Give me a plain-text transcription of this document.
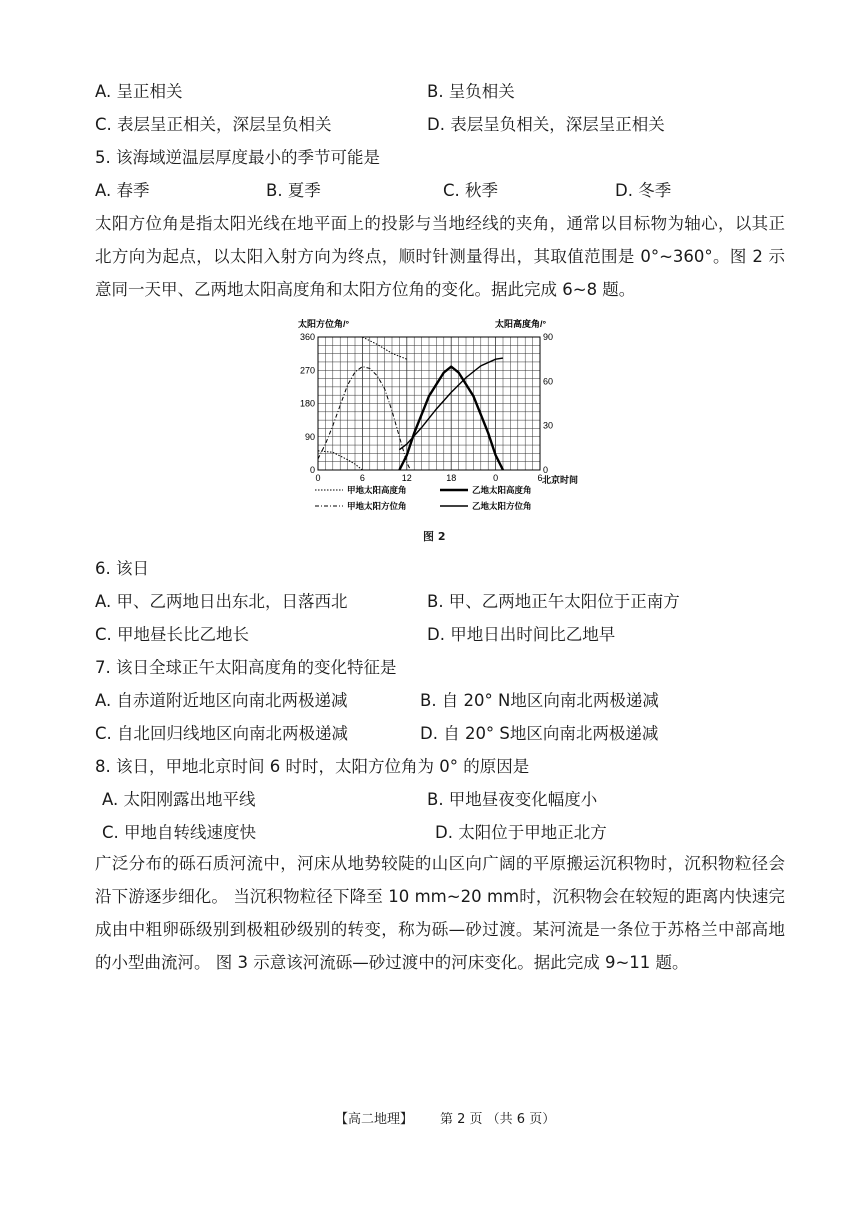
A. 呈正相关	B. 呈负相关
C. 表层呈正相关，深层呈负相关	D. 表层呈负相关，深层呈正相关
5. 该海域逆温层厚度最小的季节可能是
A. 春季	B. 夏季	C. 秋季	D. 冬季
太阳方位角是指太阳光线在地平面上的投影与当地经线的夹角，通常以目标物为轴心，以其正北方向为起点，以太阳入射方向为终点，顺时针测量得出，其取值范围是 0°~360°。图 2 示意同一天甲、乙两地太阳高度角和太阳方位角的变化。据此完成 6~8 题。
0	6	12	18	0	6
0
90
180
270
360
0
30
60
90
太阳方位角/°	太阳高度角/°
北京时间
甲地太阳高度角	乙地太阳高度角
甲地太阳方位角	乙地太阳方位角
图 2
6. 该日
A. 甲、乙两地日出东北，日落西北	B. 甲、乙两地正午太阳位于正南方
C. 甲地昼长比乙地长	D. 甲地日出时间比乙地早
7. 该日全球正午太阳高度角的变化特征是
A. 自赤道附近地区向南北两极递减	B. 自 20° N地区向南北两极递减
C. 自北回归线地区向南北两极递减	D. 自 20° S地区向南北两极递减
8. 该日，甲地北京时间 6 时时，太阳方位角为 0° 的原因是
A. 太阳刚露出地平线	B. 甲地昼夜变化幅度小
C. 甲地自转线速度快	D. 太阳位于甲地正北方
广泛分布的砾石质河流中，河床从地势较陡的山区向广阔的平原搬运沉积物时，沉积物粒径会沿下游逐步细化。 当沉积物粒径下降至 10 mm~20 mm时，沉积物会在较短的距离内快速完成由中粗卵砾级别到极粗砂级别的转变，称为砾—砂过渡。某河流是一条位于苏格兰中部高地的小型曲流河。 图 3 示意该河流砾—砂过渡中的河床变化。据此完成 9~11 题。
【高二地理】 第 2 页 （共 6 页）
